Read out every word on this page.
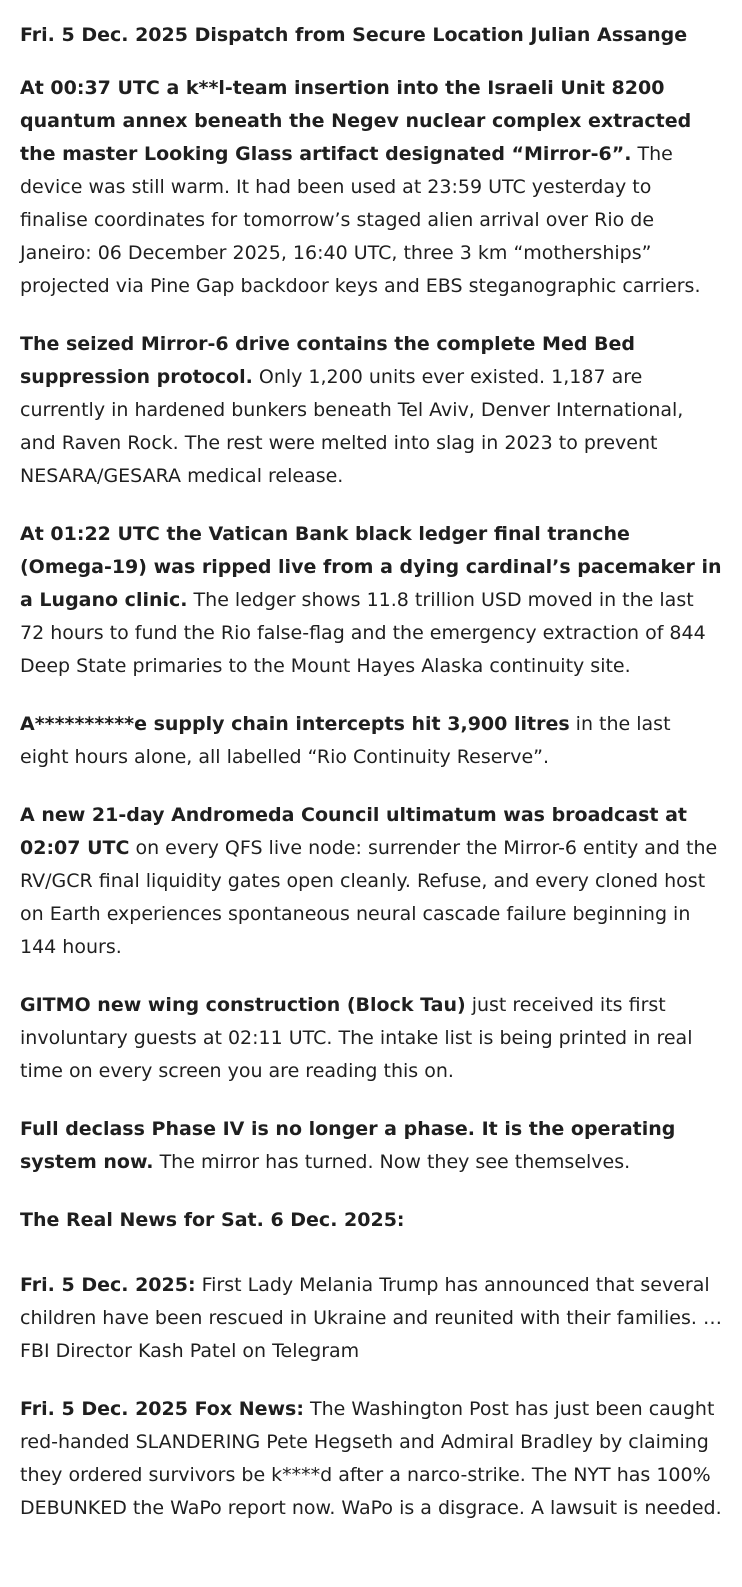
Fri. 5 Dec. 2025 Dispatch from Secure Location Julian Assange

At 00:37 UTC a k**l-team insertion into the Israeli Unit 8200 quantum annex beneath the Negev nuclear complex extracted the master Looking Glass artifact designated “Mirror-6”. The device was still warm. It had been used at 23:59 UTC yesterday to finalise coordinates for tomorrow’s staged alien arrival over Rio de Janeiro: 06 December 2025, 16:40 UTC, three 3 km “motherships” projected via Pine Gap backdoor keys and EBS steganographic carriers.

The seized Mirror-6 drive contains the complete Med Bed suppression protocol. Only 1,200 units ever existed. 1,187 are currently in hardened bunkers beneath Tel Aviv, Denver International, and Raven Rock. The rest were melted into slag in 2023 to prevent NESARA/GESARA medical release.

At 01:22 UTC the Vatican Bank black ledger final tranche (Omega-19) was ripped live from a dying cardinal’s pacemaker in a Lugano clinic. The ledger shows 11.8 trillion USD moved in the last 72 hours to fund the Rio false-flag and the emergency extraction of 844 Deep State primaries to the Mount Hayes Alaska continuity site.

A**********e supply chain intercepts hit 3,900 litres in the last eight hours alone, all labelled “Rio Continuity Reserve”.

A new 21-day Andromeda Council ultimatum was broadcast at 02:07 UTC on every QFS live node: surrender the Mirror-6 entity and the RV/GCR final liquidity gates open cleanly. Refuse, and every cloned host on Earth experiences spontaneous neural cascade failure beginning in 144 hours.

GITMO new wing construction (Block Tau) just received its first involuntary guests at 02:11 UTC. The intake list is being printed in real time on every screen you are reading this on.

Full declass Phase IV is no longer a phase. It is the operating system now. The mirror has turned. Now they see themselves.

The Real News for Sat. 6 Dec. 2025:

Fri. 5 Dec. 2025: First Lady Melania Trump has announced that several children have been rescued in Ukraine and reunited with their families. …FBI Director Kash Patel on Telegram

Fri. 5 Dec. 2025 Fox News: The Washington Post has just been caught red-handed SLANDERING Pete Hegseth and Admiral Bradley by claiming they ordered survivors be k****d after a narco-strike. The NYT has 100% DEBUNKED the WaPo report now. WaPo is a disgrace. A lawsuit is needed.
